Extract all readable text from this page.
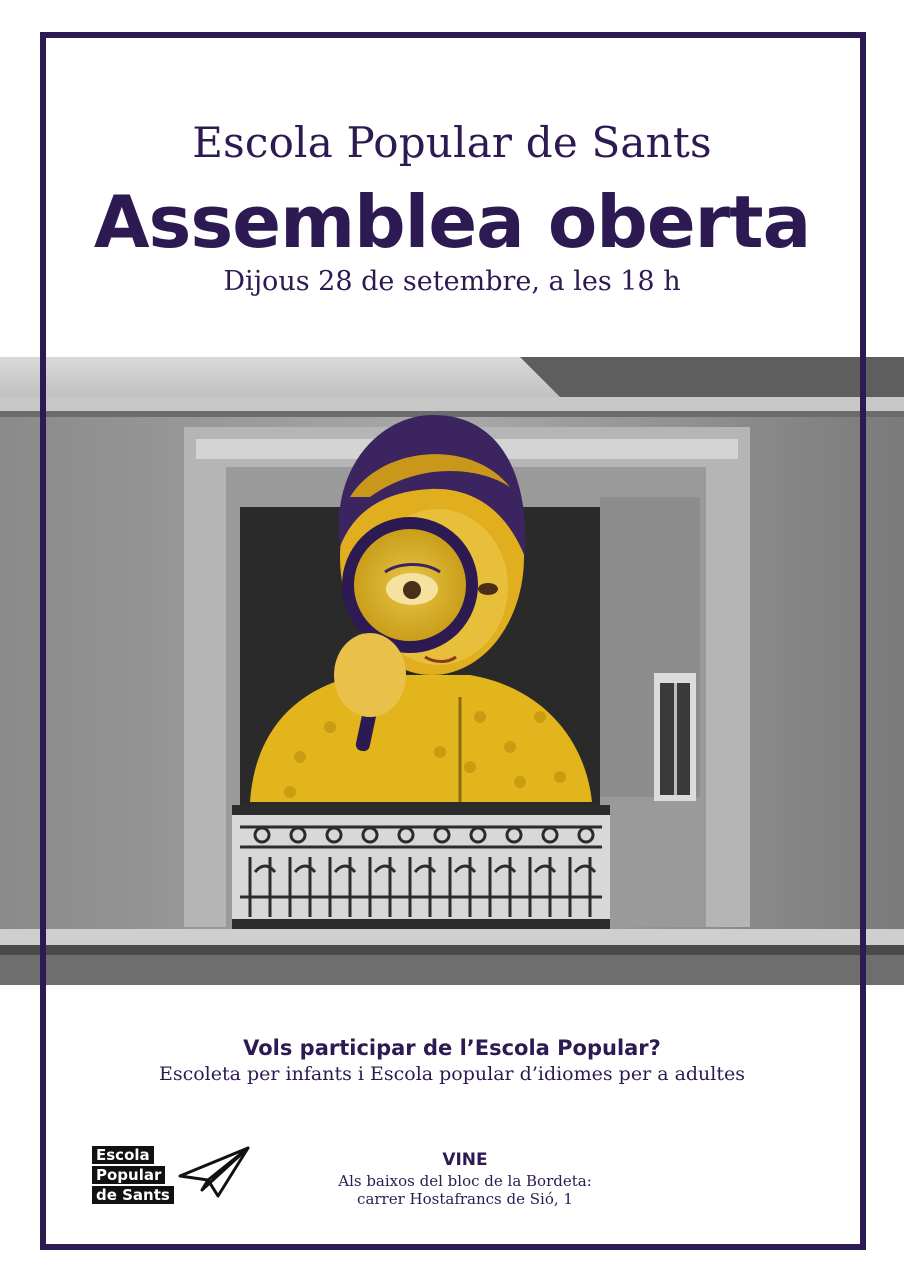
Escola Popular de Sants
Assemblea oberta
Dijous 28 de setembre, a les 18 h
Vols participar de l’Escola Popular?
Escoleta per infants i Escola popular d’idiomes per a adultes
Escola
Popular
de Sants
VINE
Als baixos del bloc de la Bordeta:
carrer Hostafrancs de Sió, 1
